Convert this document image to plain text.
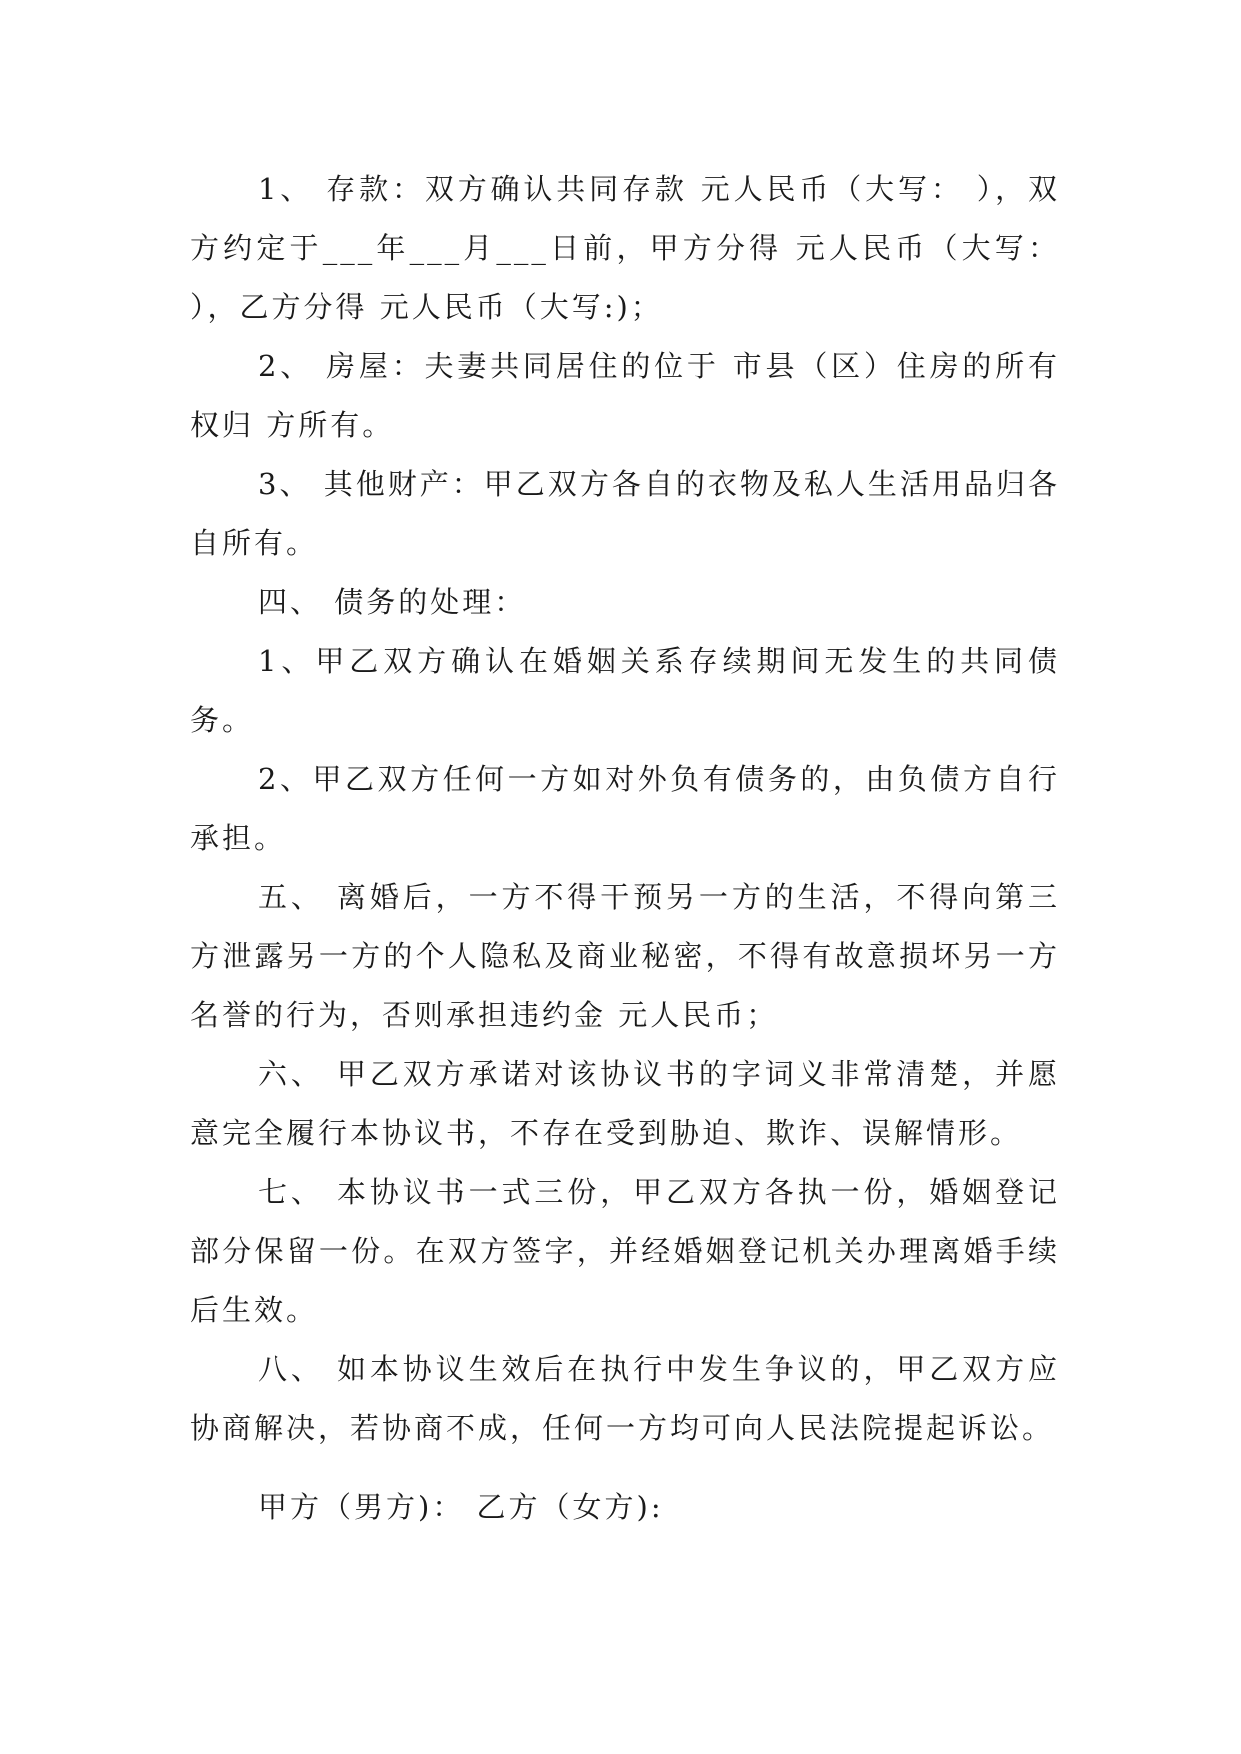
1、 存款：双方确认共同存款 元人民币（大写： ），双方约定于___年___月___日前，甲方分得 元人民币（大写： ），乙方分得 元人民币（大写:)；

2、 房屋：夫妻共同居住的位于 市县（区）住房的所有权归 方所有。

3、 其他财产：甲乙双方各自的衣物及私人生活用品归各自所有。

四、 债务的处理：

1、甲乙双方确认在婚姻关系存续期间无发生的共同债务。

2、甲乙双方任何一方如对外负有债务的，由负债方自行承担。

五、 离婚后，一方不得干预另一方的生活，不得向第三方泄露另一方的个人隐私及商业秘密，不得有故意损坏另一方名誉的行为，否则承担违约金 元人民币；

六、 甲乙双方承诺对该协议书的字词义非常清楚，并愿意完全履行本协议书，不存在受到胁迫、欺诈、误解情形。

七、 本协议书一式三份，甲乙双方各执一份，婚姻登记部分保留一份。在双方签字，并经婚姻登记机关办理离婚手续后生效。

八、 如本协议生效后在执行中发生争议的，甲乙双方应协商解决，若协商不成，任何一方均可向人民法院提起诉讼。

甲方（男方)： 乙方（女方):
